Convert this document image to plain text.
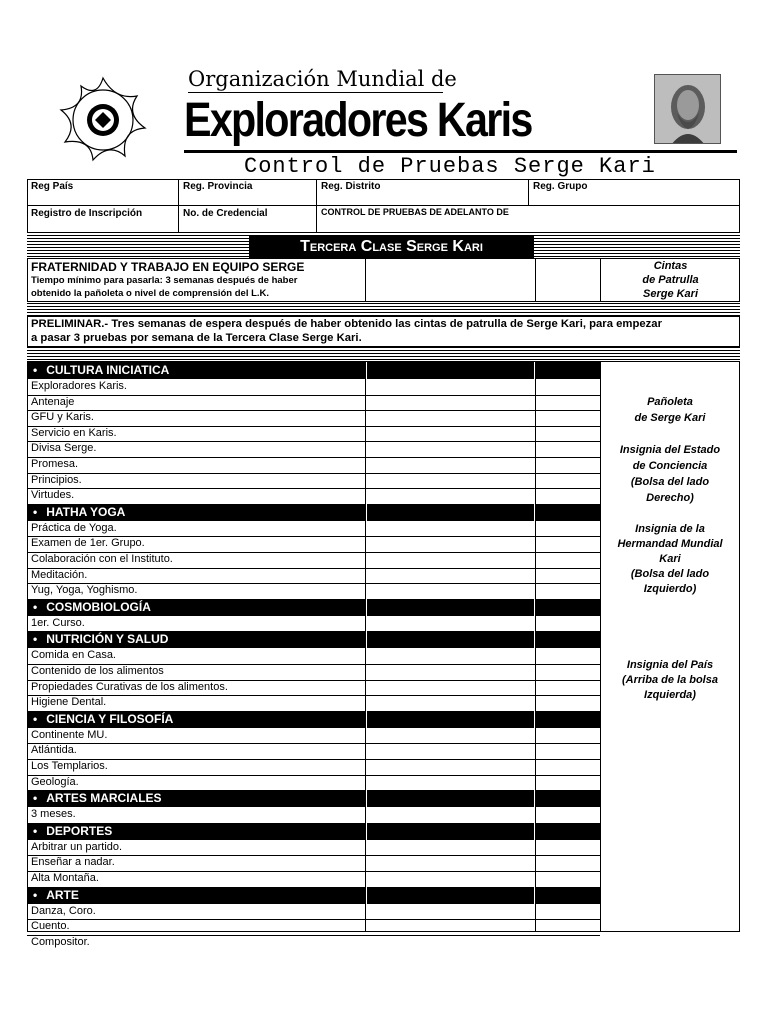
Organización Mundial de
Exploradores Karis
Control de Pruebas Serge Kari
Reg País	Reg. Provincia	Reg. Distrito	Reg. Grupo
Registro de Inscripción	No. de Credencial	CONTROL DE PRUEBAS DE ADELANTO DE
Tercera Clase Serge Kari
FRATERNIDAD Y TRABAJO EN EQUIPO SERGE
Tiempo mínimo para pasarla: 3 semanas después de haber
obtenido la pañoleta o nivel de comprensión del L.K.
Cintas
de Patrulla
Serge Kari
PRELIMINAR.- Tres semanas de espera después de haber obtenido las cintas de patrulla de Serge Kari, para empezar
a pasar 3 pruebas por semana de la Tercera Clase Serge Kari.
• CULTURA INICIATICA
Exploradores Karis.
Antenaje
GFU y Karis.
Servicio en Karis.
Divisa Serge.
Promesa.
Principios.
Virtudes.
• HATHA YOGA
Práctica de Yoga.
Examen de 1er. Grupo.
Colaboración con el Instituto.
Meditación.
Yug, Yoga, Yoghismo.
• COSMOBIOLOGÍA
1er. Curso.
• NUTRICIÓN Y SALUD
Comida en Casa.
Contenido de los alimentos
Propiedades Curativas de los alimentos.
Higiene Dental.
• CIENCIA Y FILOSOFÍA
Continente MU.
Atlántida.
Los Templarios.
Geología.
• ARTES MARCIALES
3 meses.
• DEPORTES
Arbitrar un partido.
Enseñar a nadar.
Alta Montaña.
• ARTE
Danza, Coro.
Cuento.
Compositor.
Pañoleta
de Serge Kari
Insignia del Estado
de Conciencia
(Bolsa del lado
Derecho)
Insignia de la
Hermandad Mundial
Kari
(Bolsa del lado
Izquierdo)
Insignia del País
(Arriba de la bolsa
Izquierda)
